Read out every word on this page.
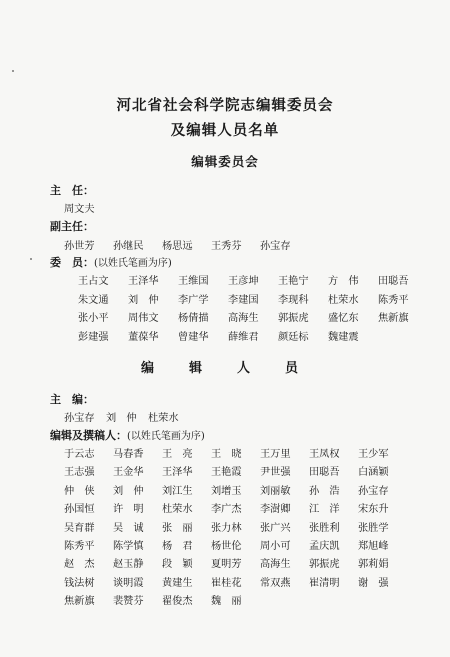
河北省社会科学院志编辑委员会
及编辑人员名单
编辑委员会
主　任：
周文夫
副主任：
孙世芳 孙继民 杨思远 王秀芬 孙宝存
委　员：(以姓氏笔画为序)
王占文 王泽华 王维国 王彦坤 王艳宁 方　伟 田聪吾
朱文通 刘　仲 李广学 李建国 李现科 杜荣水 陈秀平
张小平 周伟文 杨倩描 高海生 郭振虎 盛忆东 焦新旗
彭建强 董葆华 曾建华 薛维君 颜廷标 魏建震
编　辑　人　员
主　编：
孙宝存 刘　仲 杜荣水
编辑及撰稿人：(以姓氏笔画为序)
于云志 马春香 王　亮 王　晓 王万里 王凤权 王少军
王志强 王金华 王泽华 王艳霞 尹世强 田聪吾 白涵颖
仲　侠 刘　仲 刘江生 刘增玉 刘丽敏 孙　浩 孙宝存
孙国恒 许　明 杜荣水 李广杰 李澍卿 江　洋 宋东升
吴育群 吴　诚 张　丽 张力林 张广兴 张胜利 张胜学
陈秀平 陈学慎 杨　君 杨世伦 周小可 孟庆凯 郑旭峰
赵　杰 赵玉静 段　颖 夏明芳 高海生 郭振虎 郭莉娟
钱法树 谈明霞 黄建生 崔桂花 常双燕 崔清明 谢　强
焦新旗 裴赞芬 翟俊杰 魏　丽
